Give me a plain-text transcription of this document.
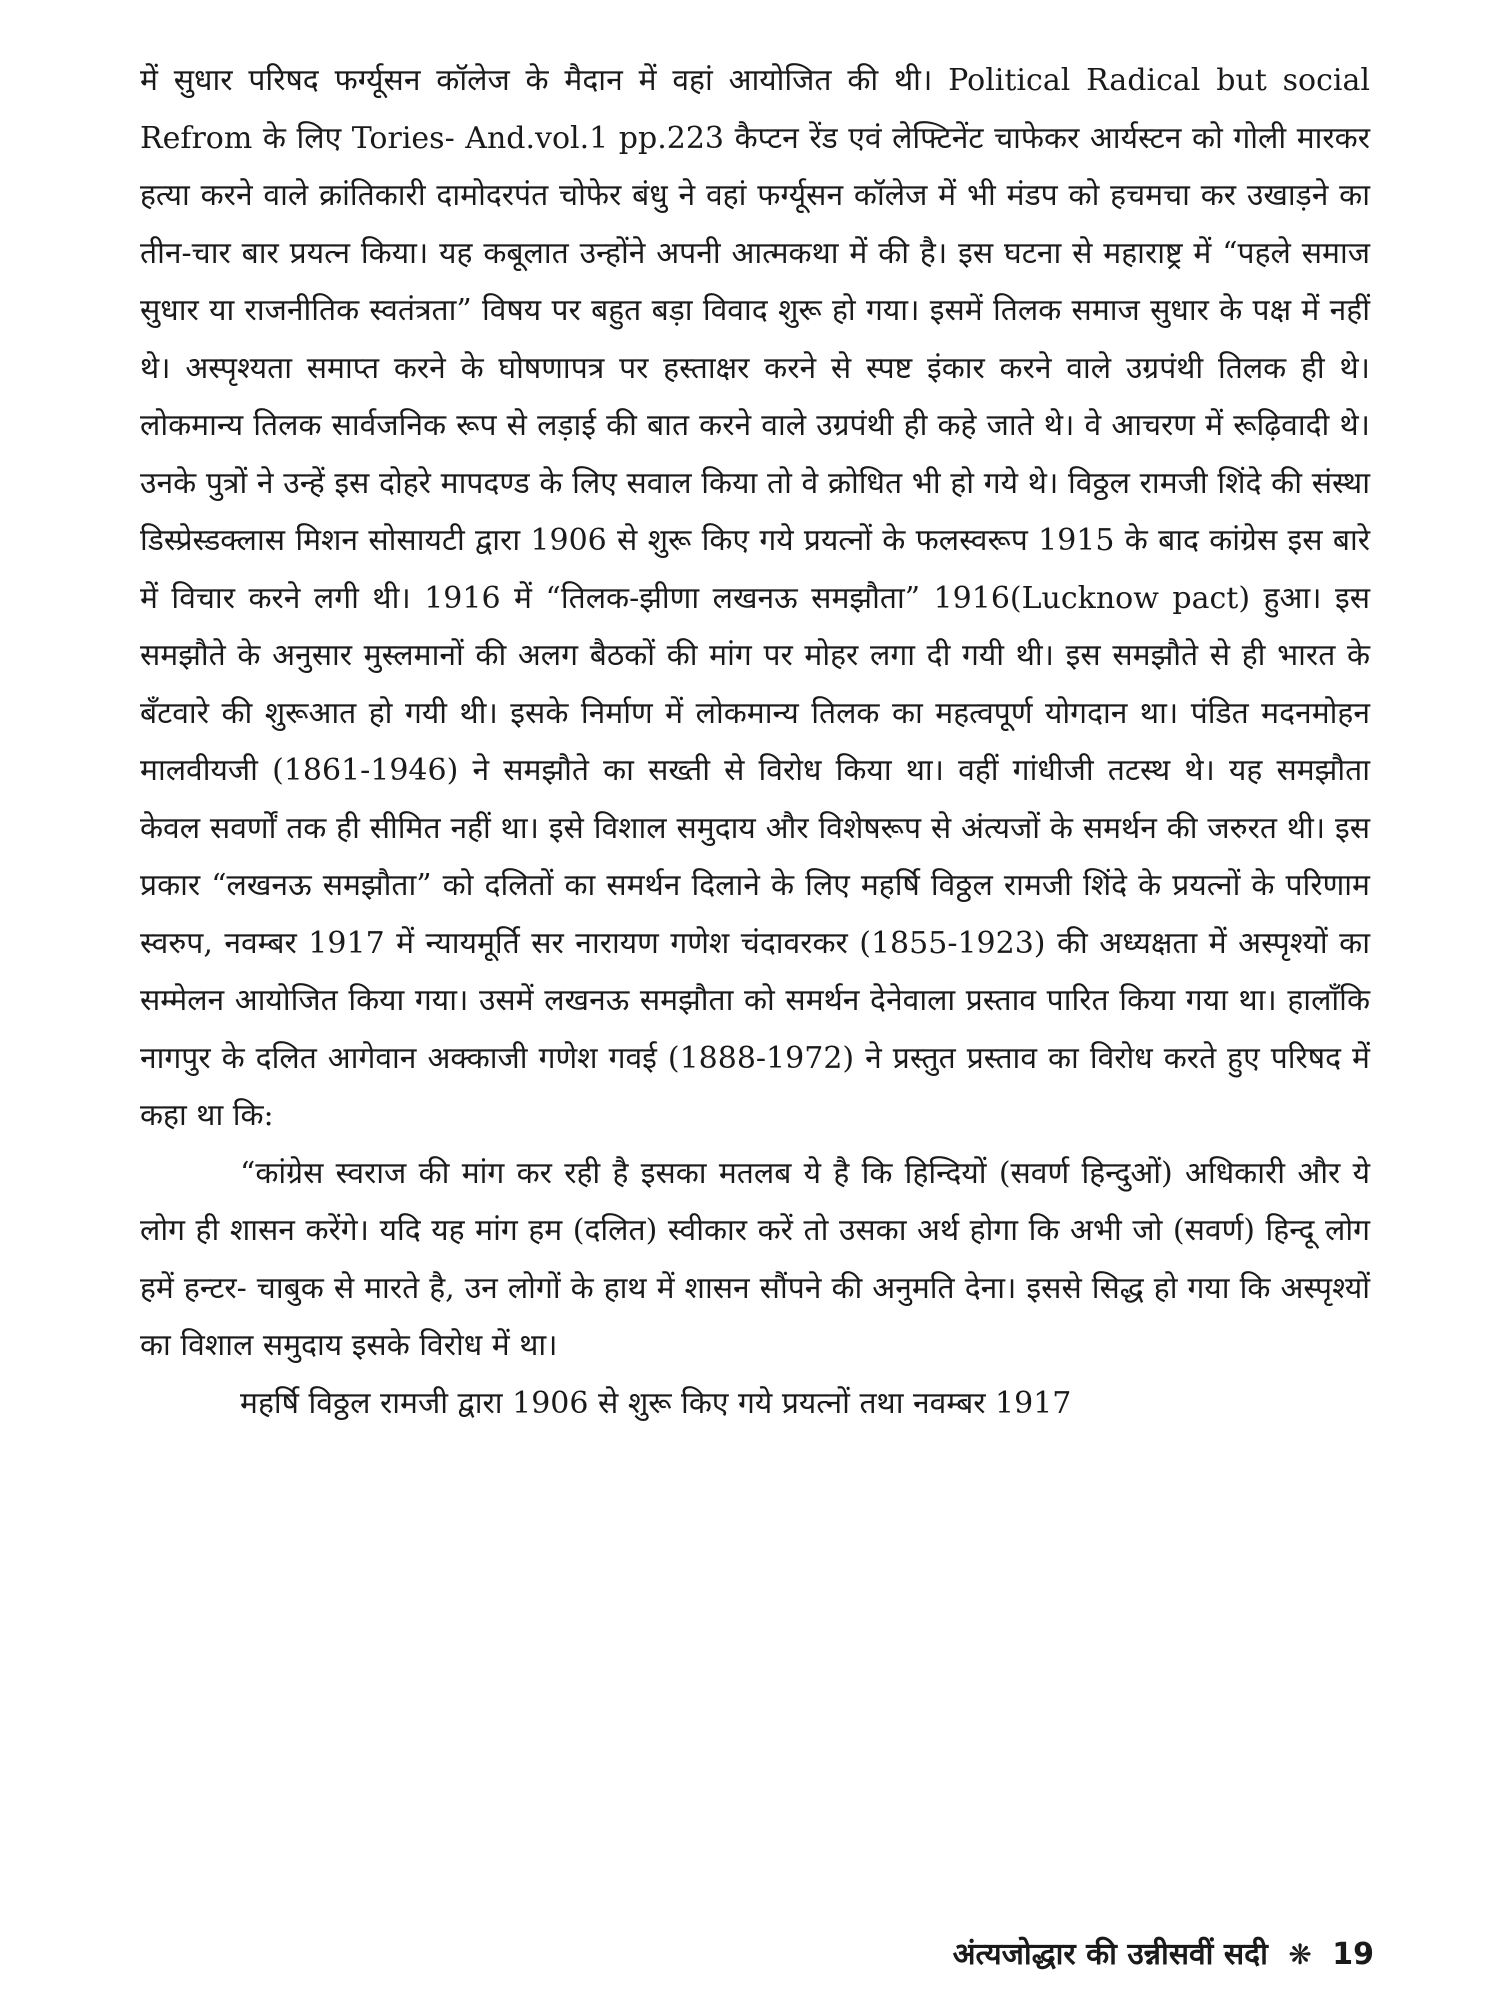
में सुधार परिषद फर्ग्यूसन कॉलेज के मैदान में वहां आयोजित की थी। Political Radical but social Refrom के लिए Tories- And.vol.1 pp.223 कैप्टन रेंड एवं लेफ्टिनेंट चाफेकर आर्यस्टन को गोली मारकर हत्या करने वाले क्रांतिकारी दामोदरपंत चोफेर बंधु ने वहां फर्ग्यूसन कॉलेज में भी मंडप को हचमचा कर उखाड़ने का तीन-चार बार प्रयत्न किया। यह कबूलात उन्होंने अपनी आत्मकथा में की है। इस घटना से महाराष्ट्र में “पहले समाज सुधार या राजनीतिक स्वतंत्रता” विषय पर बहुत बड़ा विवाद शुरू हो गया। इसमें तिलक समाज सुधार के पक्ष में नहीं थे। अस्पृश्यता समाप्त करने के घोषणापत्र पर हस्ताक्षर करने से स्पष्ट इंकार करने वाले उग्रपंथी तिलक ही थे। लोकमान्य तिलक सार्वजनिक रूप से लड़ाई की बात करने वाले उग्रपंथी ही कहे जाते थे। वे आचरण में रूढ़िवादी थे। उनके पुत्रों ने उन्हें इस दोहरे मापदण्ड के लिए सवाल किया तो वे क्रोधित भी हो गये थे। विठ्ठल रामजी शिंदे की संस्था डिस्प्रेस्डक्लास मिशन सोसायटी द्वारा 1906 से शुरू किए गये प्रयत्नों के फलस्वरूप 1915 के बाद कांग्रेस इस बारे में विचार करने लगी थी। 1916 में “तिलक-झीणा लखनऊ समझौता” 1916(Lucknow pact) हुआ। इस समझौते के अनुसार मुस्लमानों की अलग बैठकों की मांग पर मोहर लगा दी गयी थी। इस समझौते से ही भारत के बँटवारे की शुरूआत हो गयी थी। इसके निर्माण में लोकमान्य तिलक का महत्वपूर्ण योगदान था। पंडित मदनमोहन मालवीयजी (1861-1946) ने समझौते का सख्ती से विरोध किया था। वहीं गांधीजी तटस्थ थे। यह समझौता केवल सवर्णों तक ही सीमित नहीं था। इसे विशाल समुदाय और विशेषरूप से अंत्यजों के समर्थन की जरुरत थी। इस प्रकार “लखनऊ समझौता” को दलितों का समर्थन दिलाने के लिए महर्षि विठ्ठल रामजी शिंदे के प्रयत्नों के परिणाम स्वरुप, नवम्बर 1917 में न्यायमूर्ति सर नारायण गणेश चंदावरकर (1855-1923) की अध्यक्षता में अस्पृश्यों का सम्मेलन आयोजित किया गया। उसमें लखनऊ समझौता को समर्थन देनेवाला प्रस्ताव पारित किया गया था। हालाँकि नागपुर के दलित आगेवान अक्काजी गणेश गवई (1888-1972) ने प्रस्तुत प्रस्ताव का विरोध करते हुए परिषद में कहा था कि:

“कांग्रेस स्वराज की मांग कर रही है इसका मतलब ये है कि हिन्दियों (सवर्ण हिन्दुओं) अधिकारी और ये लोग ही शासन करेंगे। यदि यह मांग हम (दलित) स्वीकार करें तो उसका अर्थ होगा कि अभी जो (सवर्ण) हिन्दू लोग हमें हन्टर- चाबुक से मारते है, उन लोगों के हाथ में शासन सौंपने की अनुमति देना। इससे सिद्ध हो गया कि अस्पृश्यों का विशाल समुदाय इसके विरोध में था।

महर्षि विठ्ठल रामजी द्वारा 1906 से शुरू किए गये प्रयत्नों तथा नवम्बर 1917

अंत्यजोद्धार की उन्नीसवीं सदी ❋ 19
